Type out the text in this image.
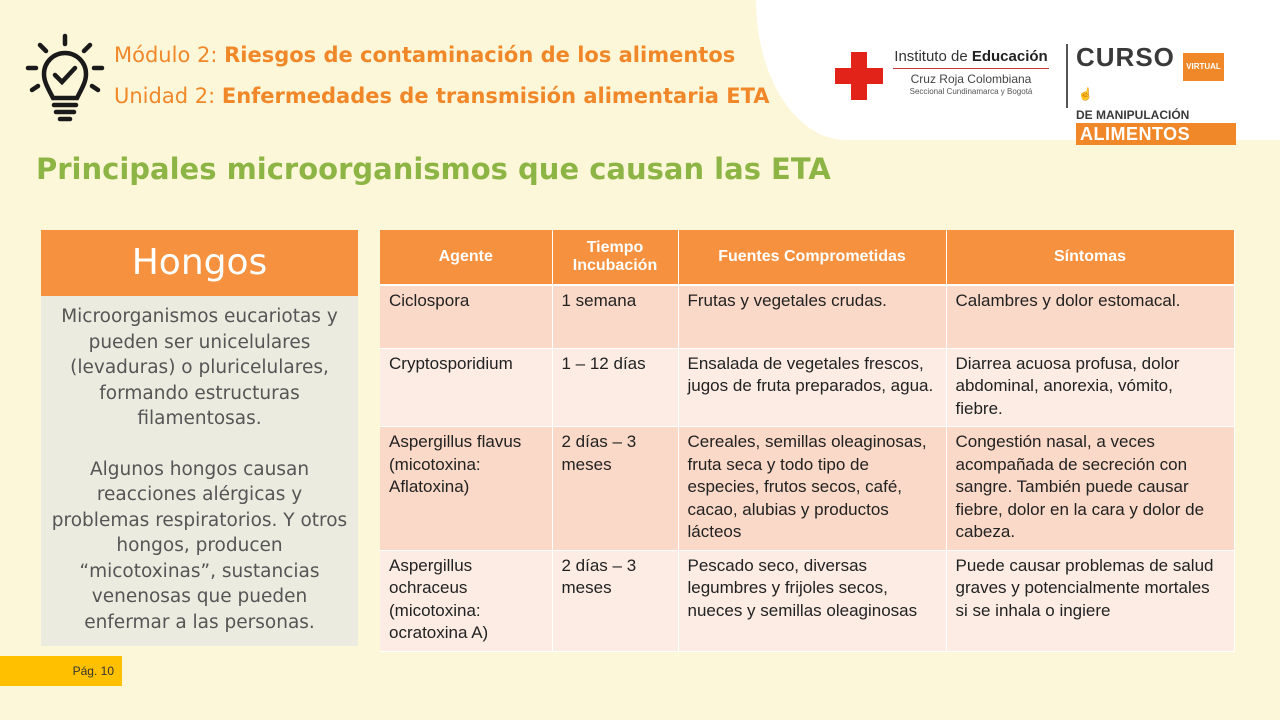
Módulo 2: Riesgos de contaminación de los alimentos
Unidad 2: Enfermedades de transmisión alimentaria ETA
Instituto de Educación
Cruz Roja Colombiana
Seccional Cundinamarca y Bogotá
CURSO VIRTUAL☝
DE MANIPULACIÓN
ALIMENTOS
Principales microorganismos que causan las ETA
Hongos

Microorganismos eucariotas y pueden ser unicelulares (levaduras) o pluricelulares, formando estructuras filamentosas.

Algunos hongos causan reacciones alérgicas y problemas respiratorios. Y otros hongos, producen “micotoxinas”, sustancias venenosas que pueden enfermar a las personas.

Agente	Tiempo Incubación	Fuentes Comprometidas	Síntomas
Ciclospora	1 semana	Frutas y vegetales crudas.	Calambres y dolor estomacal.
Cryptosporidium	1 – 12 días	Ensalada de vegetales frescos, jugos de fruta preparados, agua.	Diarrea acuosa profusa, dolor abdominal, anorexia, vómito, fiebre.
Aspergillus flavus (micotoxina: Aflatoxina)	2 días – 3 meses	Cereales, semillas oleaginosas, fruta seca y todo tipo de especies, frutos secos, café, cacao, alubias y productos lácteos	Congestión nasal, a veces acompañada de secreción con sangre. También puede causar fiebre, dolor en la cara y dolor de cabeza.
Aspergillus ochraceus (micotoxina: ocratoxina A)	2 días – 3 meses	Pescado seco, diversas legumbres y frijoles secos, nueces y semillas oleaginosas	Puede causar problemas de salud graves y potencialmente mortales si se inhala o ingiere
Pág. 10
